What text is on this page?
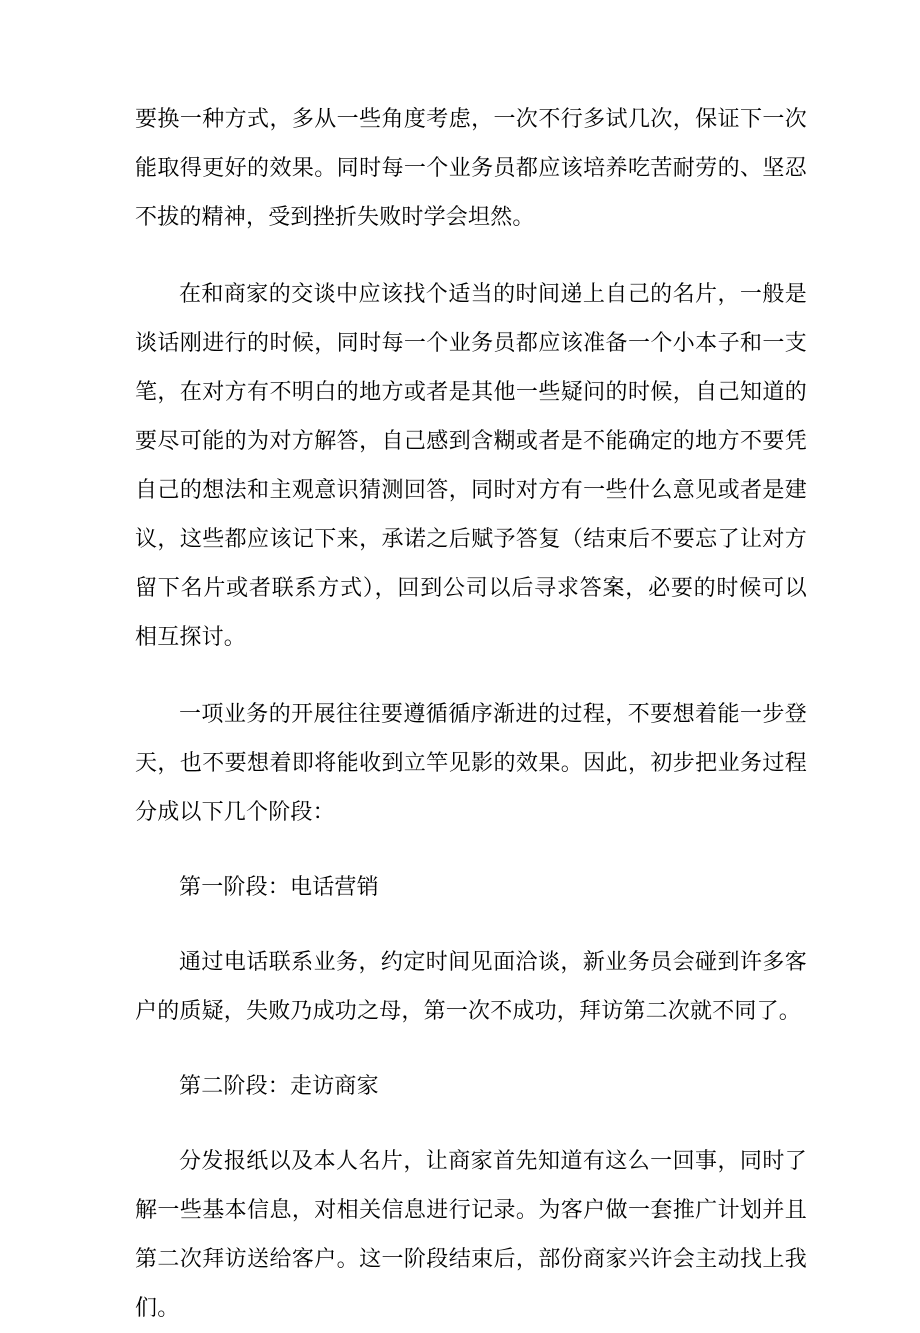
要换一种方式，多从一些角度考虑，一次不行多试几次，保证下一次能取得更好的效果。同时每一个业务员都应该培养吃苦耐劳的、坚忍不拔的精神，受到挫折失败时学会坦然。

在和商家的交谈中应该找个适当的时间递上自己的名片，一般是谈话刚进行的时候，同时每一个业务员都应该准备一个小本子和一支笔，在对方有不明白的地方或者是其他一些疑问的时候，自己知道的要尽可能的为对方解答，自己感到含糊或者是不能确定的地方不要凭自己的想法和主观意识猜测回答，同时对方有一些什么意见或者是建议，这些都应该记下来，承诺之后赋予答复（结束后不要忘了让对方留下名片或者联系方式），回到公司以后寻求答案，必要的时候可以相互探讨。

一项业务的开展往往要遵循循序渐进的过程，不要想着能一步登天，也不要想着即将能收到立竿见影的效果。因此，初步把业务过程分成以下几个阶段：

第一阶段：电话营销

通过电话联系业务，约定时间见面洽谈，新业务员会碰到许多客户的质疑，失败乃成功之母，第一次不成功，拜访第二次就不同了。

第二阶段：走访商家

分发报纸以及本人名片，让商家首先知道有这么一回事，同时了解一些基本信息，对相关信息进行记录。为客户做一套推广计划并且第二次拜访送给客户。这一阶段结束后，部份商家兴许会主动找上我们。
